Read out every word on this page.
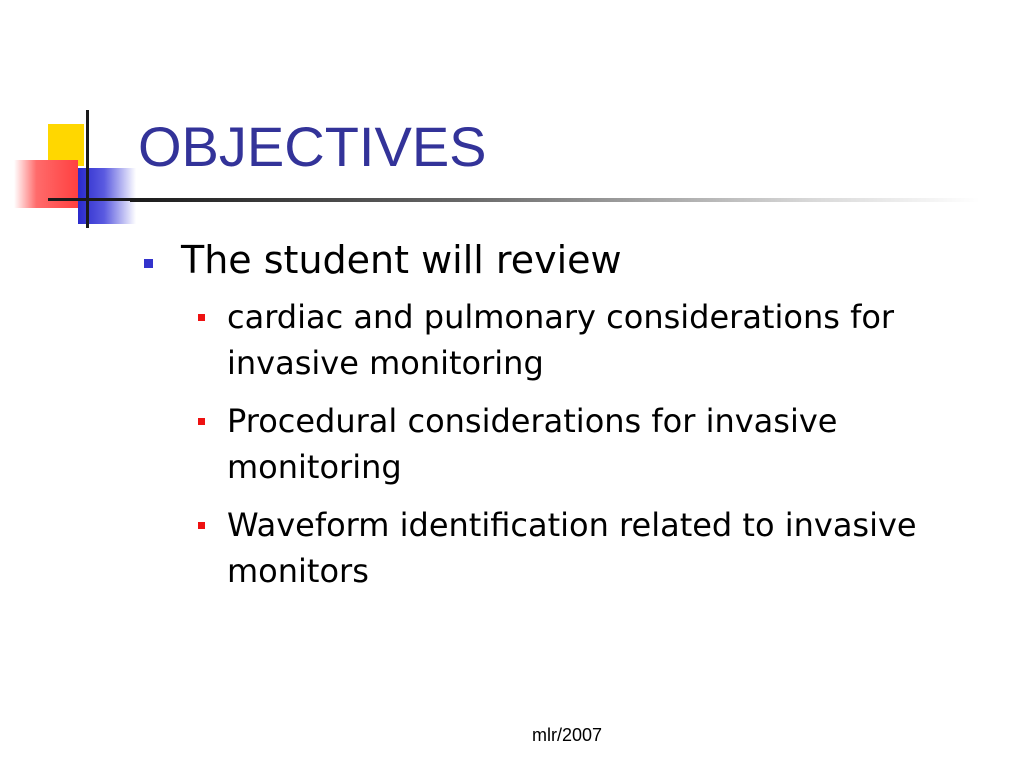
OBJECTIVES
The student will review
cardiac and pulmonary considerations for invasive monitoring
Procedural considerations for invasive monitoring
Waveform identification related to invasive monitors
mlr/2007
